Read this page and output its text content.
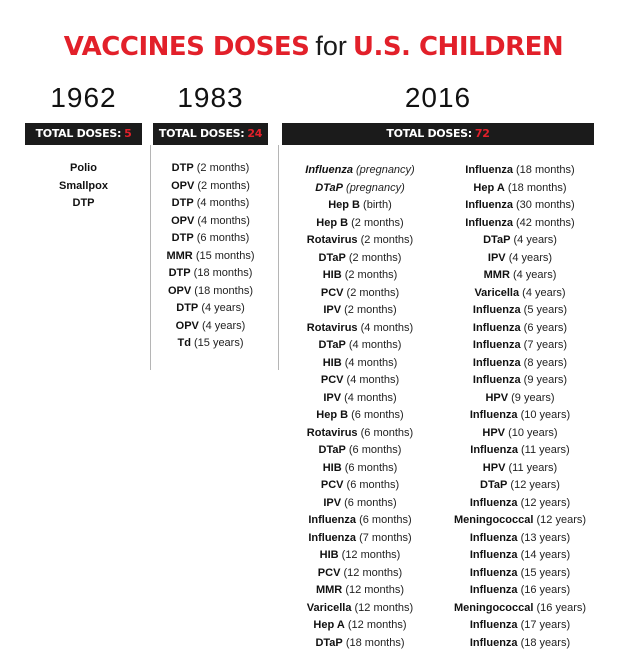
VACCINES DOSES for U.S. CHILDREN
1962
TOTAL DOSES: 5
Polio
Smallpox
DTP
1983
TOTAL DOSES: 24
DTP (2 months)
OPV (2 months)
DTP (4 months)
OPV (4 months)
DTP (6 months)
MMR (15 months)
DTP (18 months)
OPV (18 months)
DTP (4 years)
OPV (4 years)
Td (15 years)
2016
TOTAL DOSES: 72
Influenza (pregnancy)
DTaP (pregnancy)
Hep B (birth)
Hep B (2 months)
Rotavirus (2 months)
DTaP (2 months)
HIB (2 months)
PCV (2 months)
IPV (2 months)
Rotavirus (4 months)
DTaP (4 months)
HIB (4 months)
PCV (4 months)
IPV (4 months)
Hep B (6 months)
Rotavirus (6 months)
DTaP (6 months)
HIB (6 months)
PCV (6 months)
IPV (6 months)
Influenza (6 months)
Influenza (7 months)
HIB (12 months)
PCV (12 months)
MMR (12 months)
Varicella (12 months)
Hep A (12 months)
DTaP (18 months)
Influenza (18 months)
Hep A (18 months)
Influenza (30 months)
Influenza (42 months)
DTaP (4 years)
IPV (4 years)
MMR (4 years)
Varicella (4 years)
Influenza (5 years)
Influenza (6 years)
Influenza (7 years)
Influenza (8 years)
Influenza (9 years)
HPV (9 years)
Influenza (10 years)
HPV (10 years)
Influenza (11 years)
HPV (11 years)
DTaP (12 years)
Influenza (12 years)
Meningococcal (12 years)
Influenza (13 years)
Influenza (14 years)
Influenza (15 years)
Influenza (16 years)
Meningococcal (16 years)
Influenza (17 years)
Influenza (18 years)
